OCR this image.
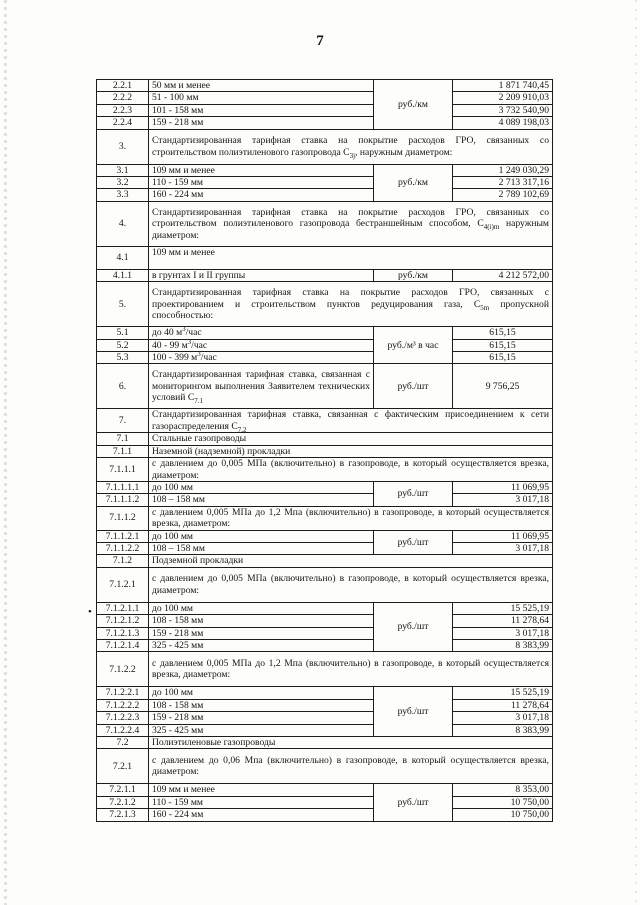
7
•
2.2.1	50 мм и менее	руб./км	1 871 740,45
2.2.2	51 - 100 мм		2 209 910,03
2.2.3	101 - 158 мм		3 732 540,90
2.2.4	159 - 218 мм		4 089 198,03
3.	Стандартизированная тарифная ставка на покрытие расходов ГРО, связанных со строительством полиэтиленового газопровода $C_{3j}$, наружным диаметром:		
3.1	109 мм и менее	руб./км	1 249 030,29
3.2	110 - 159 мм		2 713 317,16
3.3	160 - 224 мм		2 789 102,69
4.	Стандартизированная тарифная ставка на покрытие расходов ГРО, связанных со строительством полиэтиленового газопровода бестраншейным способом, $C_{4(i)m}$ наружным диаметром:		
4.1	109 мм и менее		
4.1.1	в грунтах I и II группы	руб./км	4 212 572,00
5.	Стандартизированная тарифная ставка на покрытие расходов ГРО, связанных с проектированием и строительством пунктов редуцирования газа, $C_{5m}$ пропускной способностью:		
5.1	до 40 $м^3$/час	руб./м³ в час	615,15
5.2	40 - 99 $м^3$/час		615,15
5.3	100 - 399 $м^3$/час		615,15
6.	Стандартизированная тарифная ставка, связанная с мониторингом выполнения Заявителем технических условий $C_{7.1}$	руб./шт	9 756,25
7.	Стандартизированная тарифная ставка, связанная с фактическим присоединением к сети газораспределения $C_{7.2}$
7.1	Стальные газопроводы		
7.1.1	Наземной (надземной) прокладки		
7.1.1.1	с давлением до 0,005 МПа (включительно) в газопроводе, в который осуществляется врезка, диаметром:		
7.1.1.1.1	до 100 мм	руб./шт	11 069,95
7.1.1.1.2	108 – 158 мм		3 017,18
7.1.1.2	с давлением 0,005 МПа до 1,2 Мпа (включительно) в газопроводе, в который осуществляется врезка, диаметром:		
7.1.1.2.1	до 100 мм	руб./шт	11 069,95
7.1.1.2.2	108 – 158 мм		3 017,18
7.1.2	Подземной прокладки		
7.1.2.1	с давлением до 0,005 МПа (включительно) в газопроводе, в который осуществляется врезка, диаметром:		
7.1.2.1.1	до 100 мм	руб./шт	15 525,19
7.1.2.1.2	108 - 158 мм		11 278,64
7.1.2.1.3	159 - 218 мм		3 017,18
7.1.2.1.4	325 - 425 мм		8 383,99
7.1.2.2	с давлением 0,005 МПа до 1,2 Мпа (включительно) в газопроводе, в который осуществляется врезка, диаметром:		
7.1.2.2.1	до 100 мм	руб./шт	15 525,19
7.1.2.2.2	108 - 158 мм		11 278,64
7.1.2.2.3	159 - 218 мм		3 017,18
7.1.2.2.4	325 - 425 мм		8 383,99
7.2	Полиэтиленовые газопроводы		
7.2.1	с давлением до 0,06 Мпа (включительно) в газопроводе, в который осуществляется врезка, диаметром:		
7.2.1.1	109 мм и менее	руб./шт	8 353,00
7.2.1.2	110 - 159 мм		10 750,00
7.2.1.3	160 - 224 мм		10 750,00
